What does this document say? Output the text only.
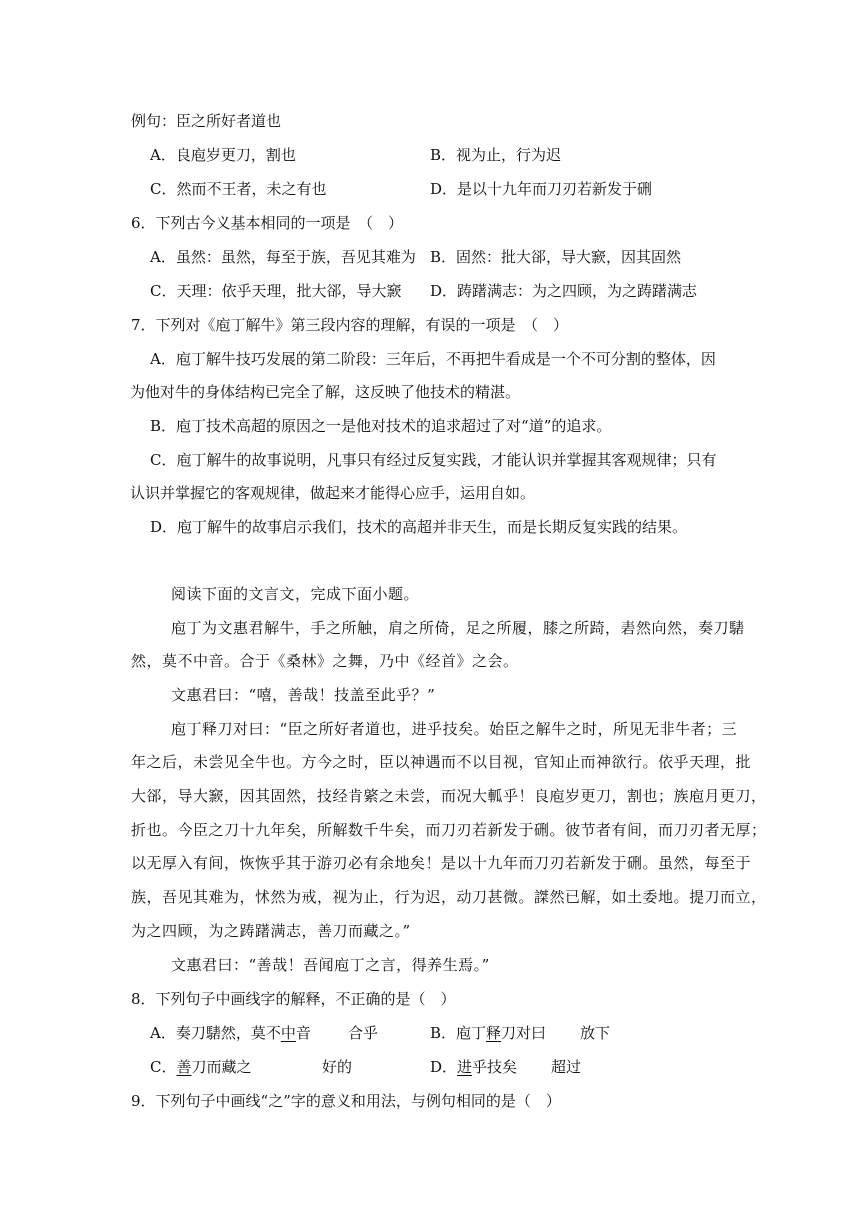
例句：臣之所好者道也
A．良庖岁更刀，割也	B．视为止，行为迟
C．然而不王者，未之有也	D．是以十九年而刀刃若新发于硎
6．下列古今义基本相同的一项是　（　）
A．虽然：虽然，每至于族，吾见其难为 B．固然：批大郤，导大窾，因其固然
C．天理：依乎天理，批大郤，导大窾 D．踌躇满志：为之四顾，为之踌躇满志
7．下列对《庖丁解牛》第三段内容的理解，有误的一项是　（　）
A．庖丁解牛技巧发展的第二阶段：三年后，不再把牛看成是一个不可分割的整体，因
为他对牛的身体结构已完全了解，这反映了他技术的精湛。
B．庖丁技术高超的原因之一是他对技术的追求超过了对“道”的追求。
C．庖丁解牛的故事说明，凡事只有经过反复实践，才能认识并掌握其客观规律；只有
认识并掌握它的客观规律，做起来才能得心应手，运用自如。
D．庖丁解牛的故事启示我们，技术的高超并非天生，而是长期反复实践的结果。
阅读下面的文言文，完成下面小题。
庖丁为文惠君解牛，手之所触，肩之所倚，足之所履，膝之所踦，砉然向然，奏刀騞
然，莫不中音。合于《桑林》之舞，乃中《经首》之会。
文惠君曰：“嘻，善哉！技盖至此乎？”
庖丁释刀对曰：“臣之所好者道也，进乎技矣。始臣之解牛之时，所见无非牛者；三
年之后，未尝见全牛也。方今之时，臣以神遇而不以目视，官知止而神欲行。依乎天理，批
大郤，导大窾，因其固然，技经肯綮之未尝，而况大軱乎！良庖岁更刀，割也；族庖月更刀，
折也。今臣之刀十九年矣，所解数千牛矣，而刀刃若新发于硎。彼节者有间，而刀刃者无厚；
以无厚入有间，恢恢乎其于游刃必有余地矣！是以十九年而刀刃若新发于硎。虽然，每至于
族，吾见其难为，怵然为戒，视为止，行为迟，动刀甚微。謋然已解，如土委地。提刀而立，
为之四顾，为之踌躇满志，善刀而藏之。”
文惠君曰：“善哉！吾闻庖丁之言，得养生焉。”
8．下列句子中画线字的解释，不正确的是（　）
A．奏刀騞然，莫不中音 合乎	B．庖丁释刀对曰 放下
C．善刀而藏之	好的	D．进乎技矣 超过
9．下列句子中画线“之”字的意义和用法，与例句相同的是（　）
